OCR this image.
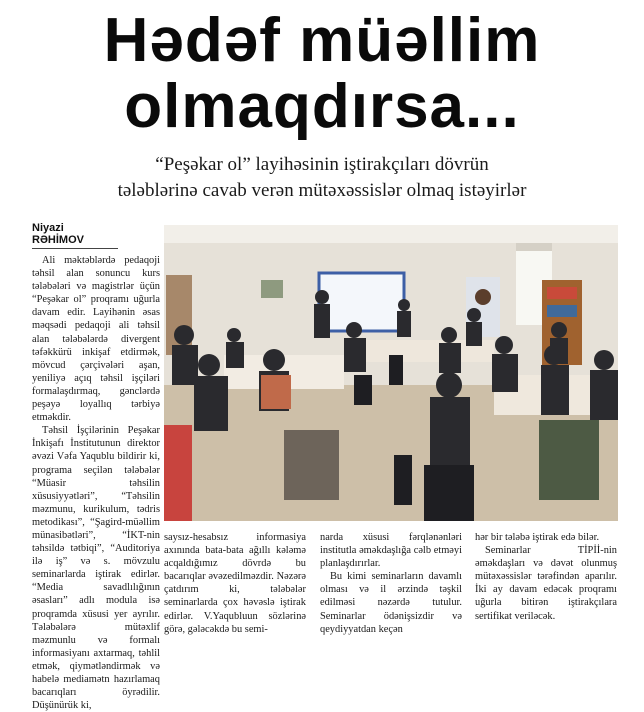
Hədəf müəllim
olmaqdırsa...
“Peşəkar ol” layihəsinin iştirakçıları dövrün
tələblərinə cavab verən mütəxəssislər olmaq istəyirlər
Niyazi RƏHİMOV

Ali məktəblərdə pedaqoji təhsil alan sonuncu kurs tələbələri və magistrlər üçün “Peşəkar ol” proqramı uğurla davam edir. Layihənin əsas məqsədi pedaqoji ali təhsil alan tələbələrdə divergent təfəkkürü inkişaf etdirmək, mövcud çərçivələri aşan, yeniliyə açıq təhsil işçiləri formalaşdırmaq, gənclərdə peşəyə loyallıq tərbiyə etməkdir.

Təhsil İşçilərinin Peşəkar İnkişafı İnstitutunun direktor əvəzi Vəfa Yaqublu bildirir ki, programa seçilən tələbələr “Müasir təhsilin xüsusiyyətləri”, “Təhsilin məzmunu, kurikulum, tədris metodikası”, “Şagird-müəllim münasibətləri”, “İKT-nin təhsildə tətbiqi”, “Auditoriya ilə iş” və s. mövzulu seminarlarda iştirak edirlər. “Media savadlılığının əsasları” adlı modulа isə proqramda xüsusi yer ayrılır. Tələbələrə mütəxlif məzmunlu və formalı informasiyanı axtarmaq, təhlil etmək, qiymətləndirmək və habelə mediamətn hazırlamaq bacarıqları öyrədilir. Düşünürük ki,

saysız-hesabsız informasiya axınında bata-bata ağıllı kələmə acqaldığımız dövrdə bu bacarıqlar əvəzedilməzdir. Nəzərə çatdırım ki, tələbələr seminarlarda çox həvəslə iştirak edirlər. V.Yaqubluun sözlərinə görə, gələcəkdə bu semi-

narda xüsusi fərqlənənləri institutla əməkdaşlığa cəlb etməyi planlaşdırırlar.

Bu kimi seminarların davamlı olması və il ərzində təşkil edilməsi nəzərdə tutulur. Seminarlar ödənişsizdir və qeydiyyatdan keçən

hər bir tələbə iştirak edə bilər.

Seminarlar TİPİİ-nin əməkdaşları və dəvət olunmuş mütəxəssislər tərəfindən aparılır. İki ay davam edəcək proqramı uğurla bitirən iştirakçılara sertifikat veriləcək.
